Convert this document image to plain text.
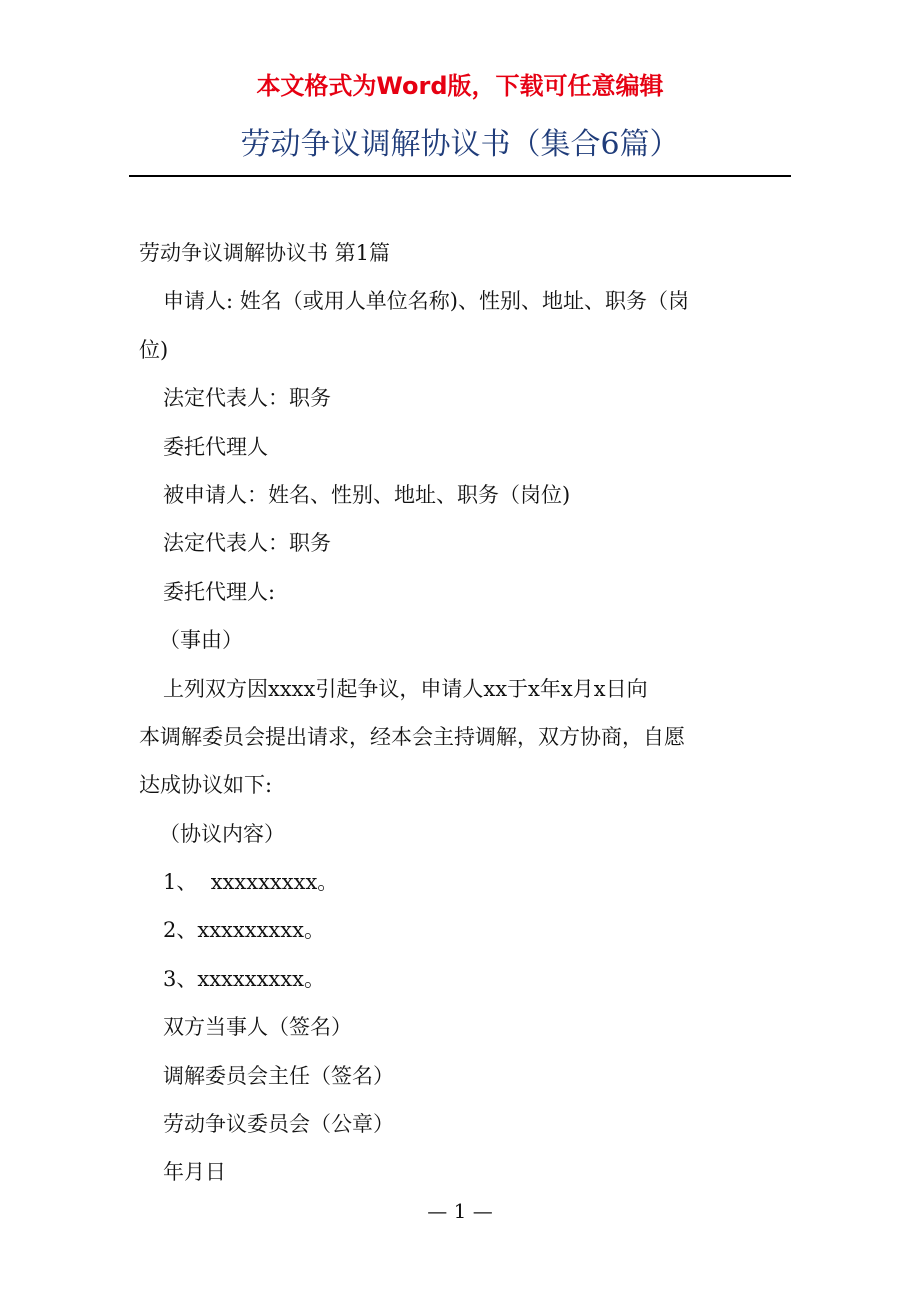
本文格式为Word版，下载可任意编辑
劳动争议调解协议书（集合6篇）
劳动争议调解协议书 第1篇
申请人: 姓名（或用人单位名称)、性别、地址、职务（岗
位)
法定代表人：职务
委托代理人
被申请人：姓名、性别、地址、职务（岗位)
法定代表人：职务
委托代理人:
（事由）
上列双方因xxxx引起争议，申请人xx于x年x月x日向
本调解委员会提出请求，经本会主持调解，双方协商，自愿
达成协议如下:
（协议内容）
1、  xxxxxxxxx。
2、xxxxxxxxx。
3、xxxxxxxxx。
双方当事人（签名）
调解委员会主任（签名）
劳动争议委员会（公章）
年月日
— 1 —
